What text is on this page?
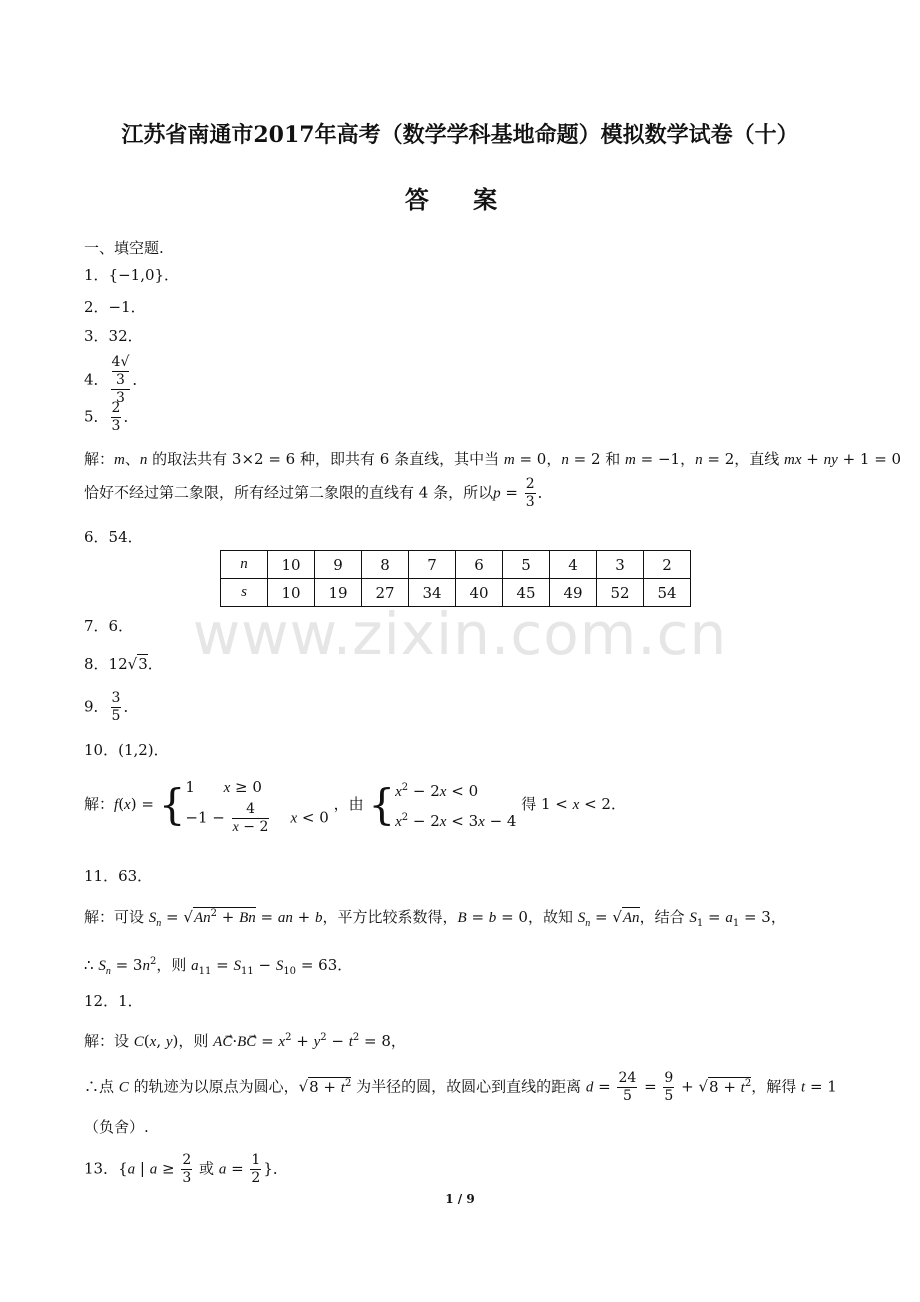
江苏省南通市2017年高考（数学学科基地命题）模拟数学试卷（十）
答 案
www.zixin.com.cn
一、填空题.
1．{−1,0}．
2．−1．
3．32．
4． 4√
3
3 ．
5． $\frac{2}{3}$ ．
解：m、n 的取法共有 3×2 = 6 种，即共有 6 条直线，其中当 m = 0，n = 2 和 m = −1，n = 2，直线 mx + ny + 1 = 0
恰好不经过第二象限，所有经过第二象限的直线有 4 条，所以$p = \frac{2}{3}$ ．
6．54．
n	10	9	8	7	6	5	4	3	2
s	10	19	27	34	40	45	49	52	54
7．6．
8．12√3．
9． $\frac{3}{5}$ ．
10．(1,2)．
解：f(x) = {1      x ≥ 0
$-1 - \frac{4}{x - 2}$ x < 0 ，由 {$x^2 - 2x < 0$
$x^2 - 2x < 3x - 4$ 得 1 < x < 2．
11．63．
解：可设 $S_n = √An^2 + Bn$ = an + b，平方比较系数得，B = b = 0，故知 $S_n = √An$，结合 $S_1 = a_1 = 3$，
∴ $S_n = 3n^2$，则 $a_{11} = S_{11} - S_{10} = 63$．
12．1．
解：设 C(x, y)，则 AC⃗·BC⃗ = $x^2 + y^2 - t^2 = 8$，
∴点 C 的轨迹为以原点为圆心，$√8 + t^2$ 为半径的圆，故圆心到直线的距离 $d = \frac{24}{5} = \frac{9}{5} + √8 + t^2$，解得 t = 1
（负舍）.
13．{a | $a \ge \frac{2}{3}$ 或 $a = \frac{1}{2}$ }．
1 / 9
